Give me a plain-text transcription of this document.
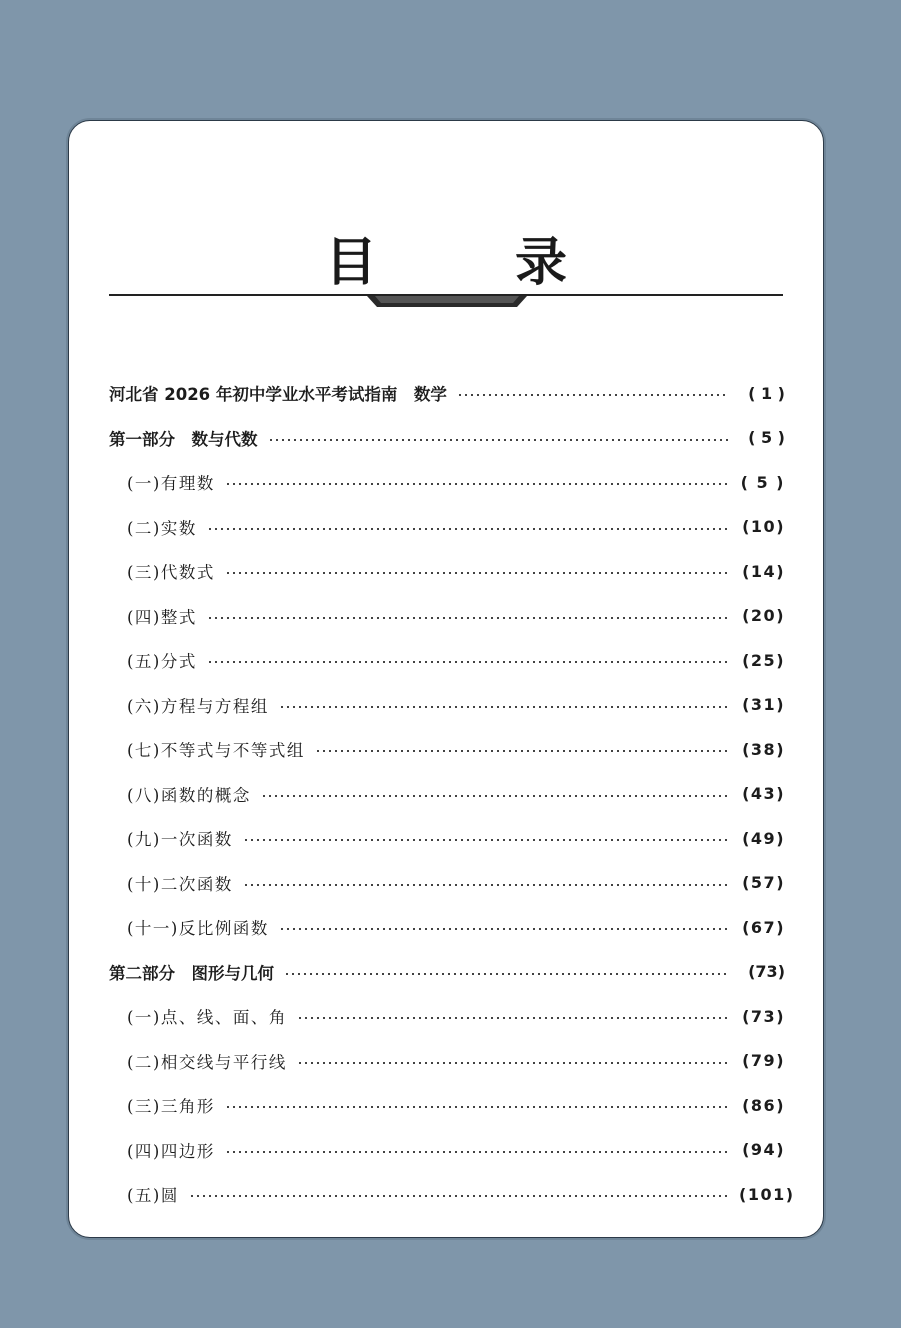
目 录
河北省 2026 年初中学业水平考试指南　数学	( 1 )
第一部分　数与代数	( 5 )
(一)有理数	( 5 )
(二)实数	(10)
(三)代数式	(14)
(四)整式	(20)
(五)分式	(25)
(六)方程与方程组	(31)
(七)不等式与不等式组	(38)
(八)函数的概念	(43)
(九)一次函数	(49)
(十)二次函数	(57)
(十一)反比例函数	(67)
第二部分　图形与几何	(73)
(一)点、线、面、角	(73)
(二)相交线与平行线	(79)
(三)三角形	(86)
(四)四边形	(94)
(五)圆	(101)
